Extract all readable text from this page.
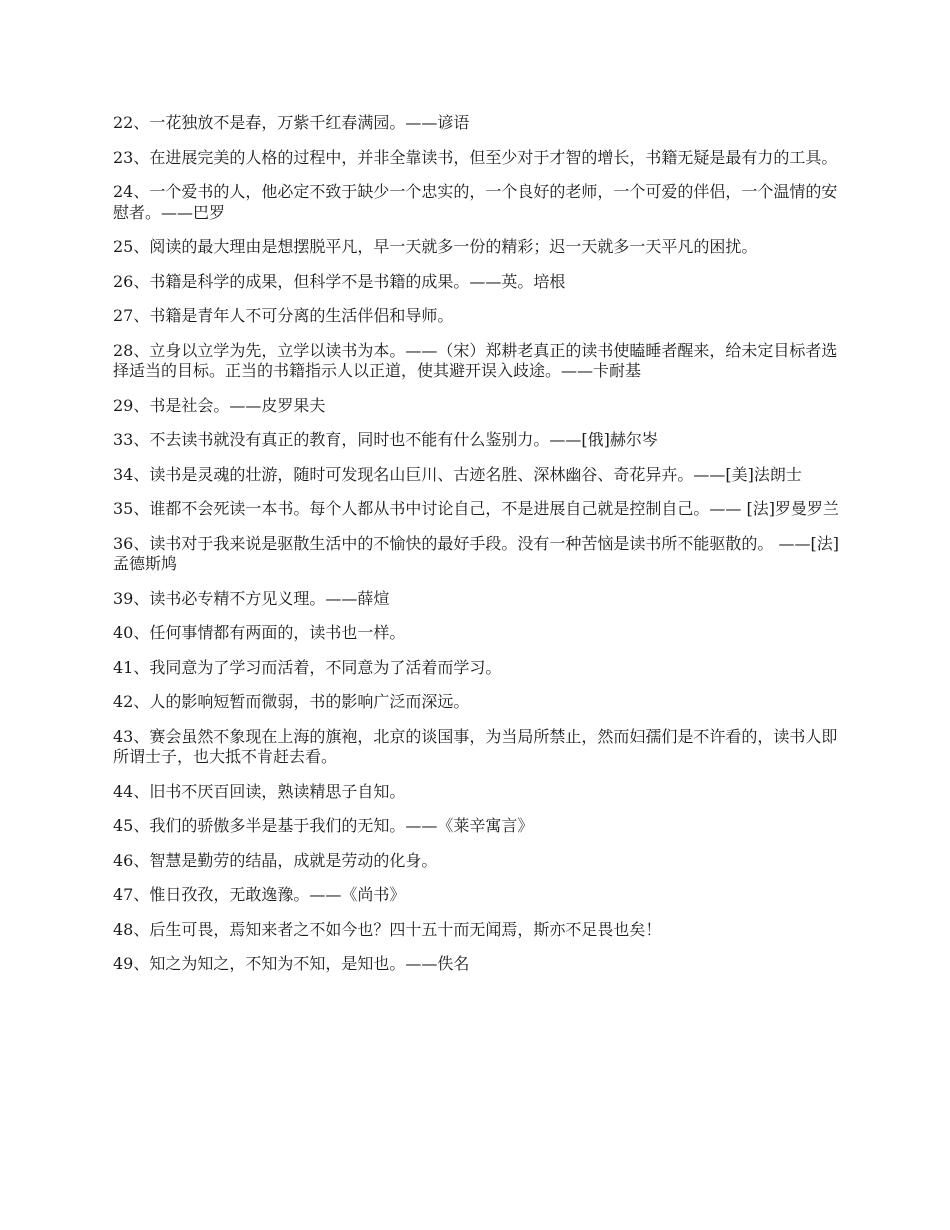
22、一花独放不是春，万紫千红春满园。——谚语
23、在进展完美的人格的过程中，并非全靠读书，但至少对于才智的增长，书籍无疑是最有力的工具。
24、一个爱书的人，他必定不致于缺少一个忠实的，一个良好的老师，一个可爱的伴侣，一个温情的安慰者。——巴罗
25、阅读的最大理由是想摆脱平凡，早一天就多一份的精彩；迟一天就多一天平凡的困扰。
26、书籍是科学的成果，但科学不是书籍的成果。——英。培根
27、书籍是青年人不可分离的生活伴侣和导师。
28、立身以立学为先，立学以读书为本。——（宋）郑耕老真正的读书使瞌睡者醒来，给未定目标者选择适当的目标。正当的书籍指示人以正道，使其避开误入歧途。——卡耐基
29、书是社会。——皮罗果夫
33、不去读书就没有真正的教育，同时也不能有什么鉴别力。——[俄]赫尔岑
34、读书是灵魂的壮游，随时可发现名山巨川、古迹名胜、深林幽谷、奇花异卉。——[美]法朗士
35、谁都不会死读一本书。每个人都从书中讨论自己，不是进展自己就是控制自己。—— [法]罗曼罗兰
36、读书对于我来说是驱散生活中的不愉快的最好手段。没有一种苦恼是读书所不能驱散的。 ——[法]孟德斯鸠
39、读书必专精不方见义理。——薛煊
40、任何事情都有两面的，读书也一样。
41、我同意为了学习而活着，不同意为了活着而学习。
42、人的影响短暂而微弱，书的影响广泛而深远。
43、赛会虽然不象现在上海的旗袍，北京的谈国事，为当局所禁止，然而妇孺们是不许看的，读书人即所谓士子，也大抵不肯赶去看。
44、旧书不厌百回读，熟读精思子自知。
45、我们的骄傲多半是基于我们的无知。——《莱辛寓言》
46、智慧是勤劳的结晶，成就是劳动的化身。
47、惟日孜孜，无敢逸豫。——《尚书》
48、后生可畏，焉知来者之不如今也？四十五十而无闻焉，斯亦不足畏也矣！
49、知之为知之，不知为不知，是知也。——佚名
